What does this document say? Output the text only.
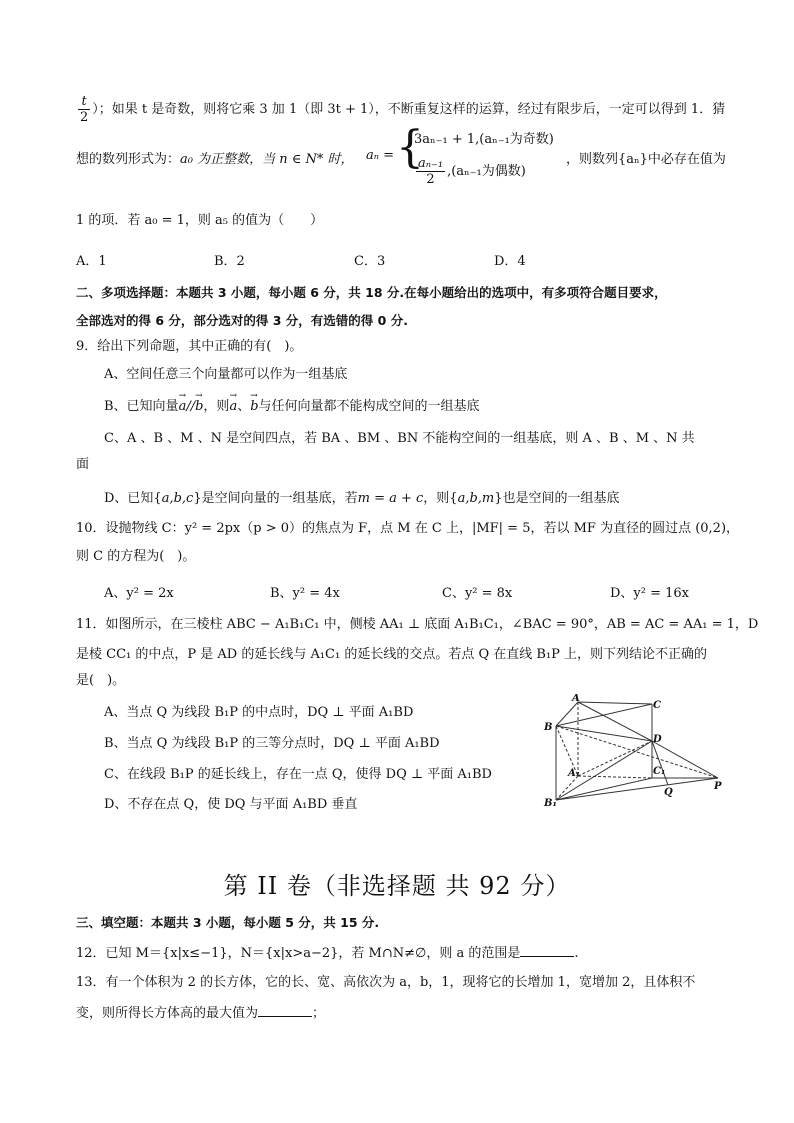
$\frac{t}{2}$ ）；如果 t 是奇数，则将它乘 3 加 1（即 3t + 1），不断重复这样的运算，经过有限步后，一定可以得到 1．猜
想的数列形式为：a₀ 为正整数，当 n ∈ N* 时， aₙ = {
3aₙ₋₁ + 1,(aₙ₋₁为奇数)
$\frac{\text{aₙ₋₁}}{2} ,(a_{n-1}$为偶数)
，则数列{aₙ}中必存在值为
1 的项．若 a₀ = 1，则 a₅ 的值为（　　）
A．1	B．2	C．3	D．4
二、多项选择题：本题共 3 小题，每小题 6 分，共 18 分.在每小题给出的选项中，有多项符合题目要求，
全部选对的得 6 分，部分选对的得 3 分，有选错的得 0 分.
9．给出下列命题，其中正确的有(　)。
A、空间任意三个向量都可以作为一组基底
B、已知向量→ a//→ b，则→ a、→ b与任何向量都不能构成空间的一组基底
C、A 、B 、M 、N 是空间四点，若 BA 、BM 、BN 不能构空间的一组基底，则 A 、B 、M 、N 共
面
D、已知{a,b,c}是空间向量的一组基底，若m = a + c，则{a,b,m}也是空间的一组基底
10．设抛物线 C：y² = 2px（p > 0）的焦点为 F，点 M 在 C 上，|MF| = 5，若以 MF 为直径的圆过点 (0,2)，
则 C 的方程为(　)。
A、y² = 2x	B、y² = 4x	C、y² = 8x	D、y² = 16x
11．如图所示，在三棱柱 ABC − A₁B₁C₁ 中，侧棱 AA₁ ⊥ 底面 A₁B₁C₁，∠BAC = 90°，AB = AC = AA₁ = 1，D
是棱 CC₁ 的中点，P 是 AD 的延长线与 A₁C₁ 的延长线的交点。若点 Q 在直线 B₁P 上，则下列结论不正确的
是(　)。
A、当点 Q 为线段 B₁P 的中点时，DQ ⊥ 平面 A₁BD
B、当点 Q 为线段 B₁P 的三等分点时，DQ ⊥ 平面 A₁BD
C、在线段 B₁P 的延长线上，存在一点 Q，使得 DQ ⊥ 平面 A₁BD
D、不存在点 Q，使 DQ 与平面 A₁BD 垂直
A
C
B
D
A₁	C₁
B₁
Q
P
第 II 卷（非选择题 共 92 分）
三、填空题：本题共 3 小题，每小题 5 分，共 15 分.
12．已知 M＝{x|x≤−1}，N＝{x|x>a−2}，若 M∩N≠∅，则 a 的范围是	.
13．有一个体积为 2 的长方体，它的长、宽、高依次为 a，b，1，现将它的长增加 1，宽增加 2，且体积不
变，则所得长方体高的最大值为	；
